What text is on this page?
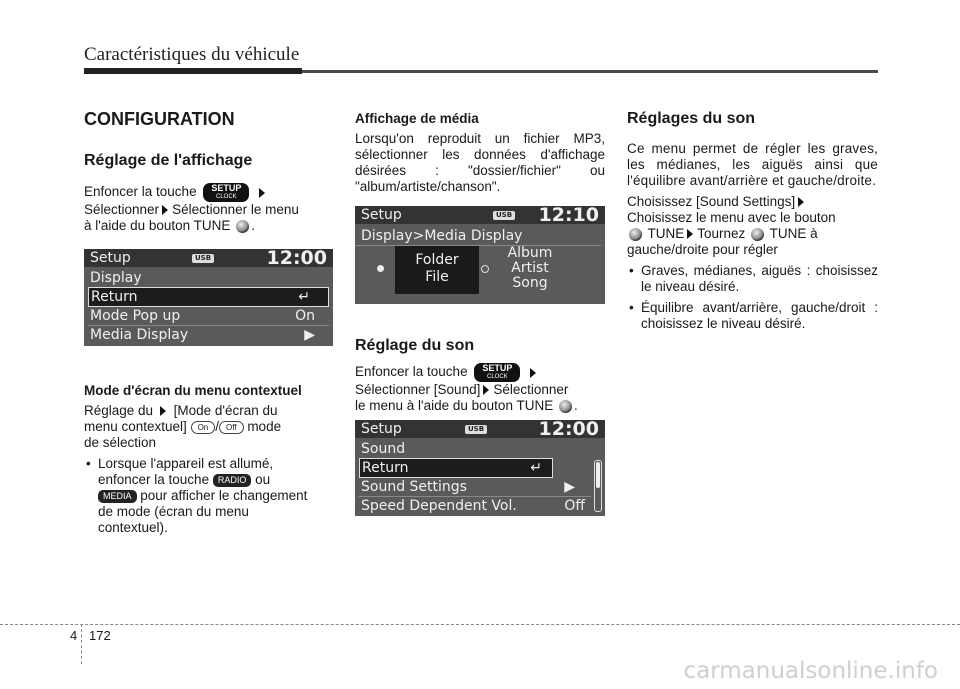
Caractéristiques du véhicule
CONFIGURATION
Réglage de l'affichage

Enfoncer la touche	SETUP
CLOCK

Sélectionner Sélectionner le menu

à l'aide du bouton TUNE .

Setup	USB	12:00
Display
Return	↵
Mode Pop up	On
Media Display	▶
Mode d'écran du menu contextuel

Réglage du [Mode d'écran du

menu contextuel] On / Off mode

de sélection

• Lorsque l'appareil est allumé,
enfoncer la touche RADIO ou
MEDIA pour afficher le changement
de mode (écran du menu
contextuel).
Affichage de média

Lorsqu'on reproduit un fichier MP3, sélectionner les données d'affichage désirées : "dossier/fichier" ou "album/artiste/chanson".

Setup	USB 12:10
Display>Media Display
Folder
File
Album
Artist
Song
Réglage du son

Enfoncer la touche	SETUP
CLOCK

Sélectionner [Sound] Sélectionner

le menu à l'aide du bouton TUNE .

Setup	USB	12:00
Sound
Return	↵
Sound Settings	▶
Speed Dependent Vol.	Off
Réglages du son

Ce menu permet de régler les graves, les médianes, les aiguës ainsi que l'équilibre avant/arrière et gauche/droite.

Choisissez [Sound Settings]

Choisissez le menu avec le bouton

TUNE Tournez TUNE à

gauche/droite pour régler

• Graves, médianes, aiguës : choisissez le niveau désiré.
• Équilibre avant/arrière, gauche/droit : choisissez le niveau désiré.
4 172
carmanualsonline.info
